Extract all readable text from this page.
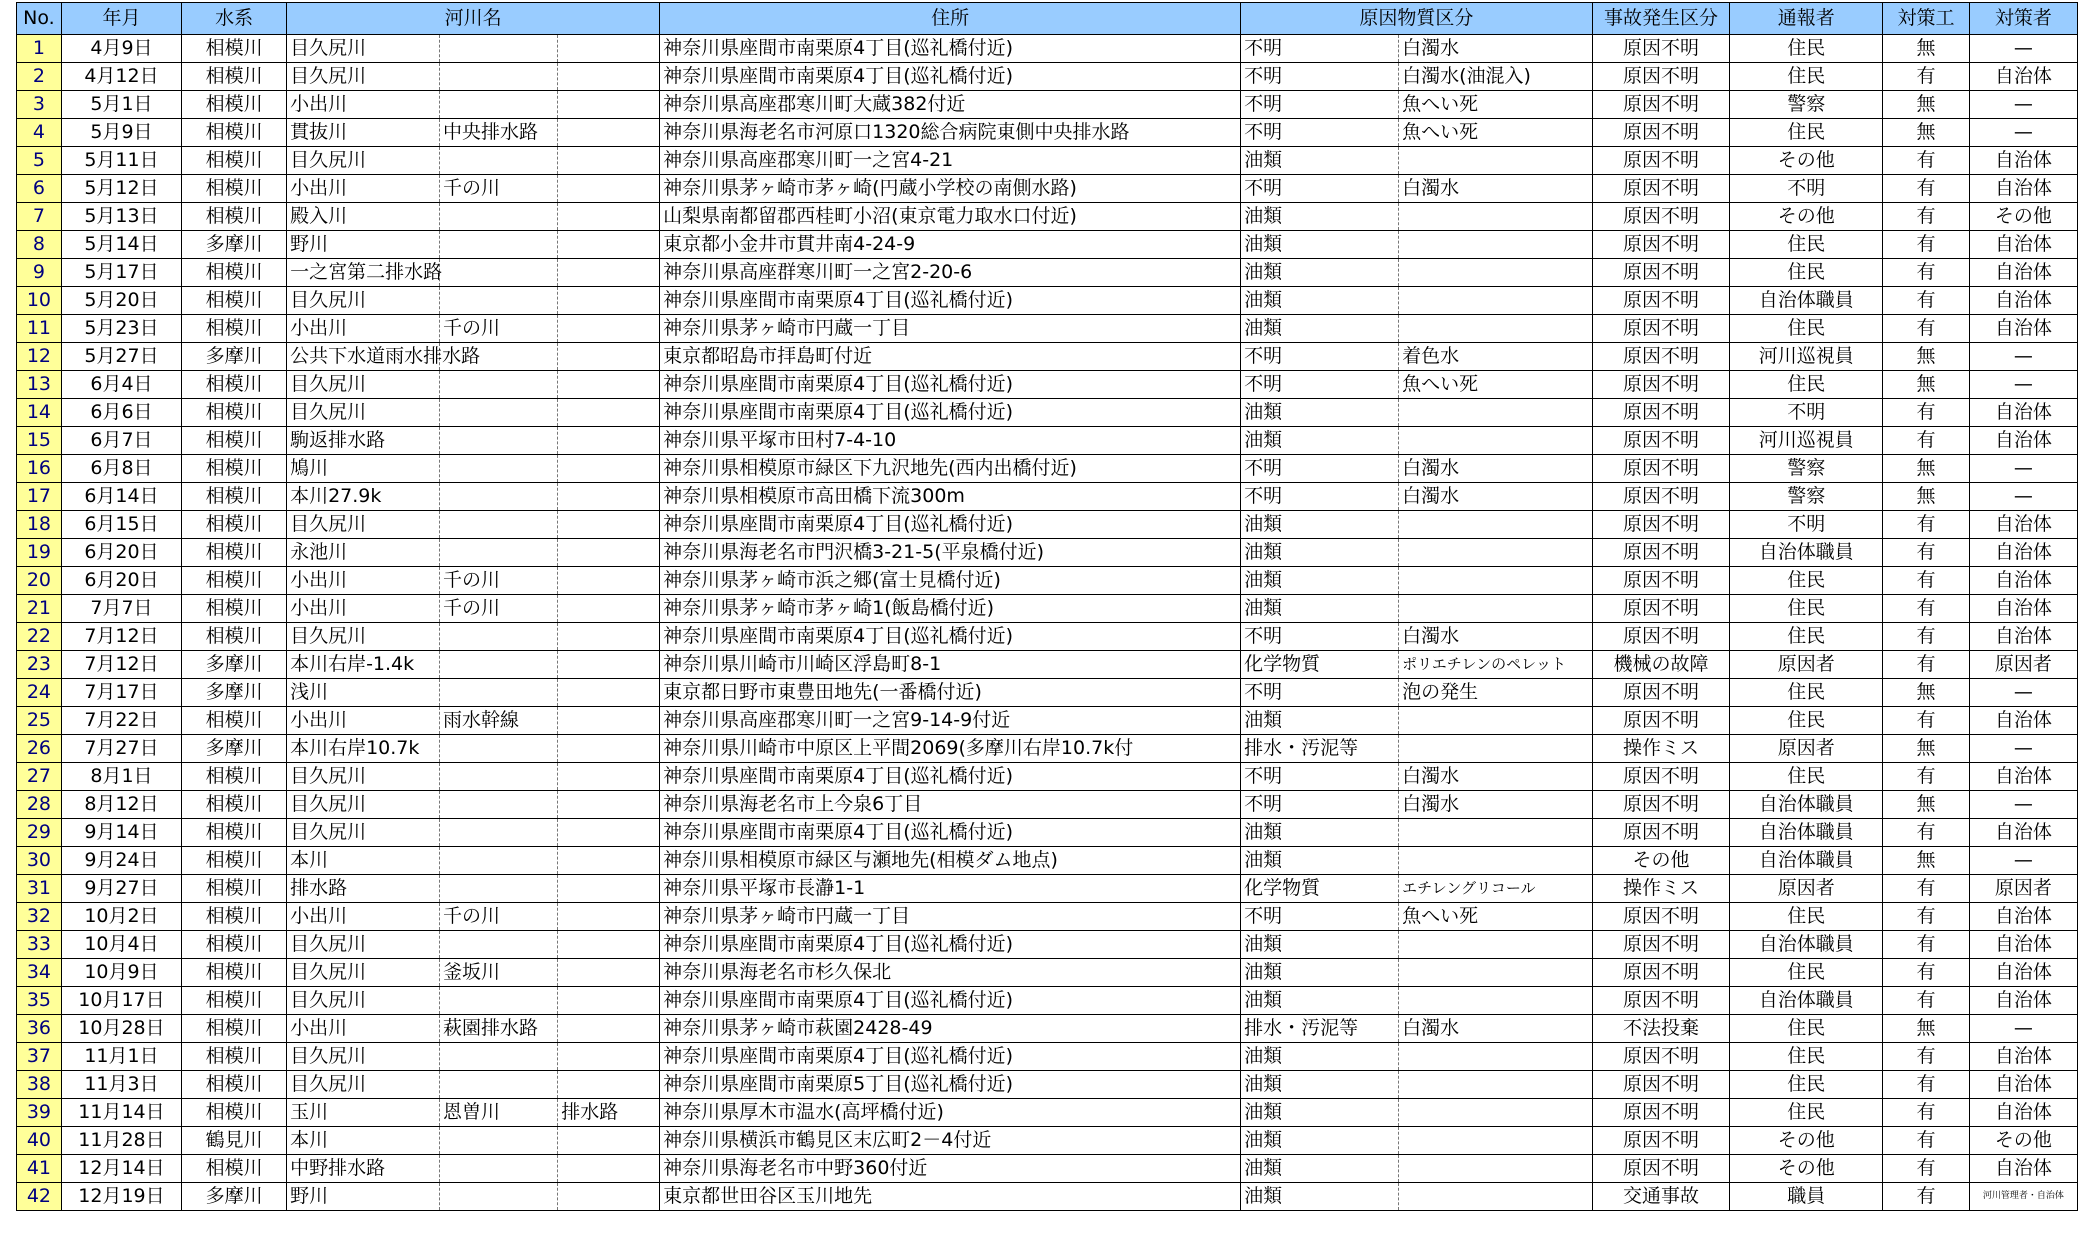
No.	年月	水系	河川名			住所	原因物質区分		事故発生区分	通報者	対策工	対策者
1	4月9日	相模川	目久尻川			神奈川県座間市南栗原4丁目(巡礼橋付近)	不明	白濁水	原因不明	住民	無	—
2	4月12日	相模川	目久尻川			神奈川県座間市南栗原4丁目(巡礼橋付近)	不明	白濁水(油混入)	原因不明	住民	有	自治体
3	5月1日	相模川	小出川			神奈川県高座郡寒川町大蔵382付近	不明	魚へい死	原因不明	警察	無	—
4	5月9日	相模川	貫抜川	中央排水路		神奈川県海老名市河原口1320総合病院東側中央排水路	不明	魚へい死	原因不明	住民	無	—
5	5月11日	相模川	目久尻川			神奈川県高座郡寒川町一之宮4-21	油類		原因不明	その他	有	自治体
6	5月12日	相模川	小出川	千の川		神奈川県茅ヶ崎市茅ヶ崎(円蔵小学校の南側水路)	不明	白濁水	原因不明	不明	有	自治体
7	5月13日	相模川	殿入川			山梨県南都留郡西桂町小沼(東京電力取水口付近)	油類		原因不明	その他	有	その他
8	5月14日	多摩川	野川			東京都小金井市貫井南4-24-9	油類		原因不明	住民	有	自治体
9	5月17日	相模川	一之宮第二排水路			神奈川県高座群寒川町一之宮2-20-6	油類		原因不明	住民	有	自治体
10	5月20日	相模川	目久尻川			神奈川県座間市南栗原4丁目(巡礼橋付近)	油類		原因不明	自治体職員	有	自治体
11	5月23日	相模川	小出川	千の川		神奈川県茅ヶ崎市円蔵一丁目	油類		原因不明	住民	有	自治体
12	5月27日	多摩川	公共下水道雨水排水路			東京都昭島市拝島町付近	不明	着色水	原因不明	河川巡視員	無	—
13	6月4日	相模川	目久尻川			神奈川県座間市南栗原4丁目(巡礼橋付近)	不明	魚へい死	原因不明	住民	無	—
14	6月6日	相模川	目久尻川			神奈川県座間市南栗原4丁目(巡礼橋付近)	油類		原因不明	不明	有	自治体
15	6月7日	相模川	駒返排水路			神奈川県平塚市田村7-4-10	油類		原因不明	河川巡視員	有	自治体
16	6月8日	相模川	鳩川			神奈川県相模原市緑区下九沢地先(西内出橋付近)	不明	白濁水	原因不明	警察	無	—
17	6月14日	相模川	本川27.9k			神奈川県相模原市高田橋下流300m	不明	白濁水	原因不明	警察	無	—
18	6月15日	相模川	目久尻川			神奈川県座間市南栗原4丁目(巡礼橋付近)	油類		原因不明	不明	有	自治体
19	6月20日	相模川	永池川			神奈川県海老名市門沢橋3-21-5(平泉橋付近)	油類		原因不明	自治体職員	有	自治体
20	6月20日	相模川	小出川	千の川		神奈川県茅ヶ崎市浜之郷(富士見橋付近)	油類		原因不明	住民	有	自治体
21	7月7日	相模川	小出川	千の川		神奈川県茅ヶ崎市茅ヶ崎1(飯島橋付近)	油類		原因不明	住民	有	自治体
22	7月12日	相模川	目久尻川			神奈川県座間市南栗原4丁目(巡礼橋付近)	不明	白濁水	原因不明	住民	有	自治体
23	7月12日	多摩川	本川右岸-1.4k			神奈川県川崎市川崎区浮島町8-1	化学物質	ポリエチレンのペレット	機械の故障	原因者	有	原因者
24	7月17日	多摩川	浅川			東京都日野市東豊田地先(一番橋付近)	不明	泡の発生	原因不明	住民	無	—
25	7月22日	相模川	小出川	雨水幹線		神奈川県高座郡寒川町一之宮9-14-9付近	油類		原因不明	住民	有	自治体
26	7月27日	多摩川	本川右岸10.7k			神奈川県川崎市中原区上平間2069(多摩川右岸10.7k付	排水・汚泥等		操作ミス	原因者	無	—
27	8月1日	相模川	目久尻川			神奈川県座間市南栗原4丁目(巡礼橋付近)	不明	白濁水	原因不明	住民	有	自治体
28	8月12日	相模川	目久尻川			神奈川県海老名市上今泉6丁目	不明	白濁水	原因不明	自治体職員	無	—
29	9月14日	相模川	目久尻川			神奈川県座間市南栗原4丁目(巡礼橋付近)	油類		原因不明	自治体職員	有	自治体
30	9月24日	相模川	本川			神奈川県相模原市緑区与瀬地先(相模ダム地点)	油類		その他	自治体職員	無	—
31	9月27日	相模川	排水路			神奈川県平塚市長瀞1-1	化学物質	エチレングリコール	操作ミス	原因者	有	原因者
32	10月2日	相模川	小出川	千の川		神奈川県茅ヶ崎市円蔵一丁目	不明	魚へい死	原因不明	住民	有	自治体
33	10月4日	相模川	目久尻川			神奈川県座間市南栗原4丁目(巡礼橋付近)	油類		原因不明	自治体職員	有	自治体
34	10月9日	相模川	目久尻川	釜坂川		神奈川県海老名市杉久保北	油類		原因不明	住民	有	自治体
35	10月17日	相模川	目久尻川			神奈川県座間市南栗原4丁目(巡礼橋付近)	油類		原因不明	自治体職員	有	自治体
36	10月28日	相模川	小出川	萩園排水路		神奈川県茅ヶ崎市萩園2428-49	排水・汚泥等	白濁水	不法投棄	住民	無	—
37	11月1日	相模川	目久尻川			神奈川県座間市南栗原4丁目(巡礼橋付近)	油類		原因不明	住民	有	自治体
38	11月3日	相模川	目久尻川			神奈川県座間市南栗原5丁目(巡礼橋付近)	油類		原因不明	住民	有	自治体
39	11月14日	相模川	玉川	恩曽川	排水路	神奈川県厚木市温水(高坪橋付近)	油類		原因不明	住民	有	自治体
40	11月28日	鶴見川	本川			神奈川県横浜市鶴見区末広町2－4付近	油類		原因不明	その他	有	その他
41	12月14日	相模川	中野排水路			神奈川県海老名市中野360付近	油類		原因不明	その他	有	自治体
42	12月19日	多摩川	野川			東京都世田谷区玉川地先	油類		交通事故	職員	有	河川管理者・自治体
